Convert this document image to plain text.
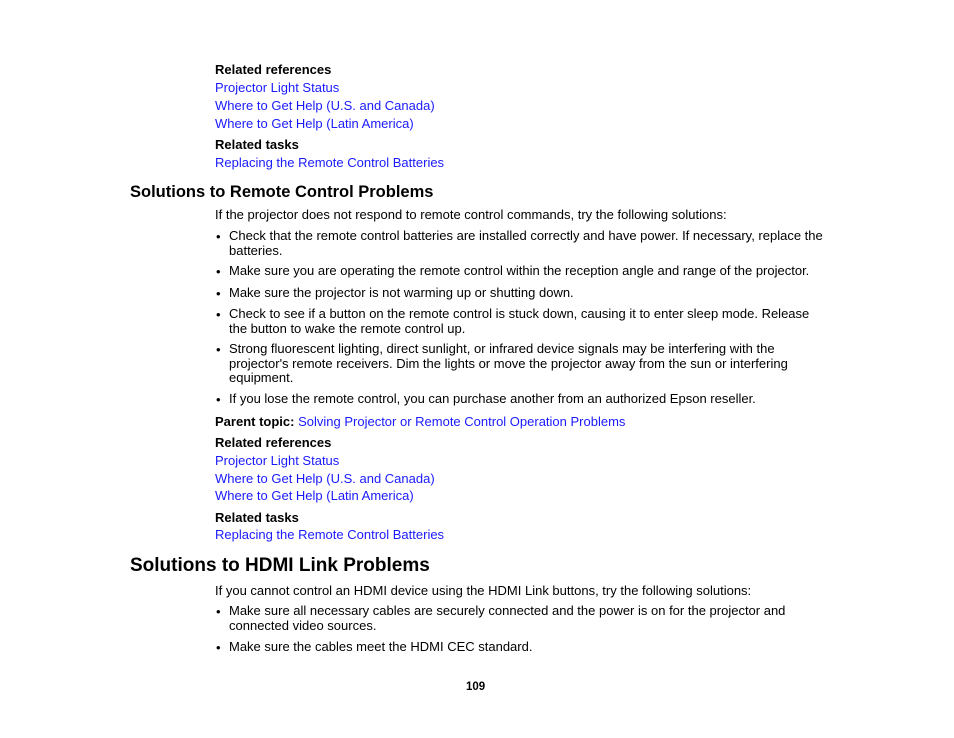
Related references
Projector Light Status
Where to Get Help (U.S. and Canada)
Where to Get Help (Latin America)
Related tasks
Replacing the Remote Control Batteries
Solutions to Remote Control Problems
If the projector does not respond to remote control commands, try the following solutions:
• Check that the remote control batteries are installed correctly and have power. If necessary, replace the batteries.
• Make sure you are operating the remote control within the reception angle and range of the projector.
• Make sure the projector is not warming up or shutting down.
• Check to see if a button on the remote control is stuck down, causing it to enter sleep mode. Release the button to wake the remote control up.
• Strong fluorescent lighting, direct sunlight, or infrared device signals may be interfering with the projector's remote receivers. Dim the lights or move the projector away from the sun or interfering equipment.
• If you lose the remote control, you can purchase another from an authorized Epson reseller.
Parent topic: Solving Projector or Remote Control Operation Problems
Related references
Projector Light Status
Where to Get Help (U.S. and Canada)
Where to Get Help (Latin America)
Related tasks
Replacing the Remote Control Batteries
Solutions to HDMI Link Problems
If you cannot control an HDMI device using the HDMI Link buttons, try the following solutions:
• Make sure all necessary cables are securely connected and the power is on for the projector and connected video sources.
• Make sure the cables meet the HDMI CEC standard.
109
